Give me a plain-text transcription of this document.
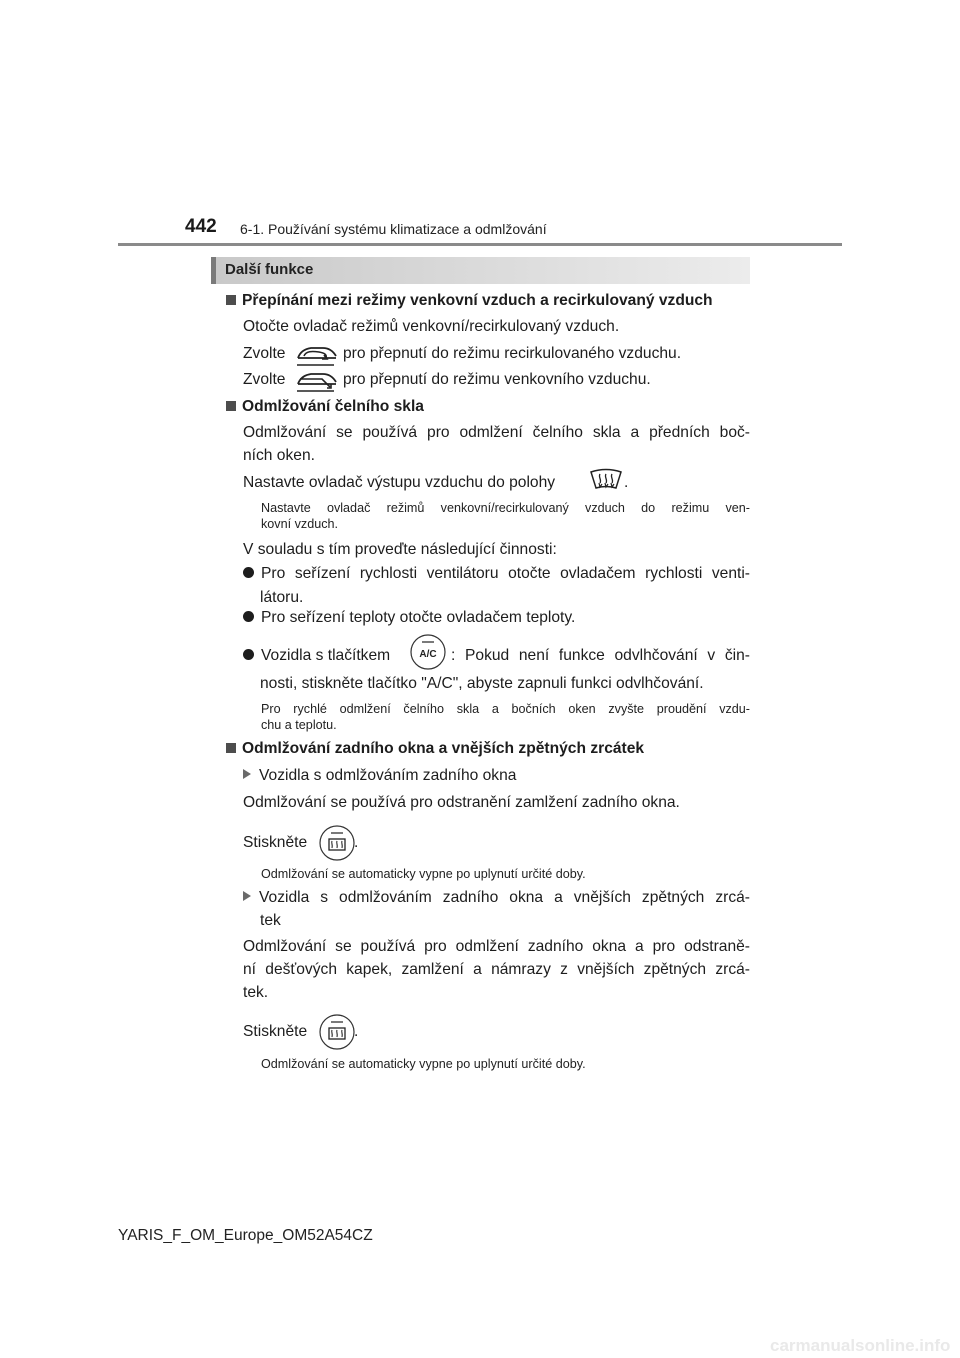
442 6-1. Používání systému klimatizace a odmlžování
Další funkce
Přepínání mezi režimy venkovní vzduch a recirkulovaný vzduch
Otočte ovladač režimů venkovní/recirkulovaný vzduch.
Zvolte	pro přepnutí do režimu recirkulovaného vzduchu.
Zvolte	pro přepnutí do režimu venkovního vzduchu.
Odmlžování čelního skla
Odmlžování se používá pro odmlžení čelního skla a předních boč-
ních oken.
Nastavte ovladač výstupu vzduchu do polohy	.
Nastavte ovladač režimů venkovní/recirkulovaný vzduch do režimu ven-
kovní vzduch.
V souladu s tím proveďte následující činnosti:
Pro seřízení rychlosti ventilátoru otočte ovladačem rychlosti venti-
látoru.
Pro seřízení teploty otočte ovladačem teploty.
Vozidla s tlačítkem	A/C : Pokud není funkce odvlhčování v čin-
nosti, stiskněte tlačítko "A/C", abyste zapnuli funkci odvlhčování.
Pro rychlé odmlžení čelního skla a bočních oken zvyšte proudění vzdu-
chu a teplotu.
Odmlžování zadního okna a vnějších zpětných zrcátek
Vozidla s odmlžováním zadního okna
Odmlžování se používá pro odstranění zamlžení zadního okna.
Stiskněte	.
Odmlžování se automaticky vypne po uplynutí určité doby.
Vozidla s odmlžováním zadního okna a vnějších zpětných zrcá-
tek
Odmlžování se používá pro odmlžení zadního okna a pro odstraně-
ní dešťových kapek, zamlžení a námrazy z vnějších zpětných zrcá-
tek.
Stiskněte	.
Odmlžování se automaticky vypne po uplynutí určité doby.
YARIS_F_OM_Europe_OM52A54CZ
carmanualsonline.info
